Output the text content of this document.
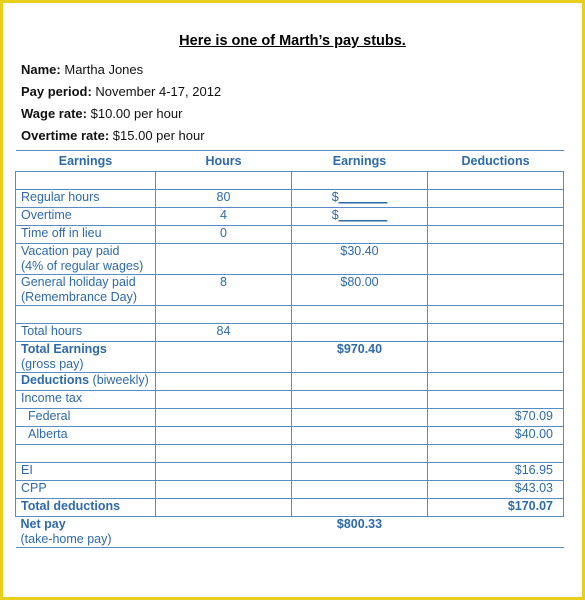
Here is one of Marth’s pay stubs.
Name: Martha Jones
Pay period: November 4-17, 2012
Wage rate: $10.00 per hour
Overtime rate: $15.00 per hour
Earnings	Hours	Earnings	Deductions

Regular hours	80	$_______	
Overtime	4	$_______	
Time off in lieu	0		

Vacation pay paid
(4% of regular wages)		$30.40	

General holiday paid
(Remembrance Day)	8	$80.00	

Total hours	84		

Total Earnings
(gross pay)		$970.40	
Deductions (biweekly)			
Income tax			
Federal			$70.09
Alberta			$40.00

EI			$16.95
CPP			$43.03
Total deductions			$170.07

Net pay
(take-home pay)		$800.33	
